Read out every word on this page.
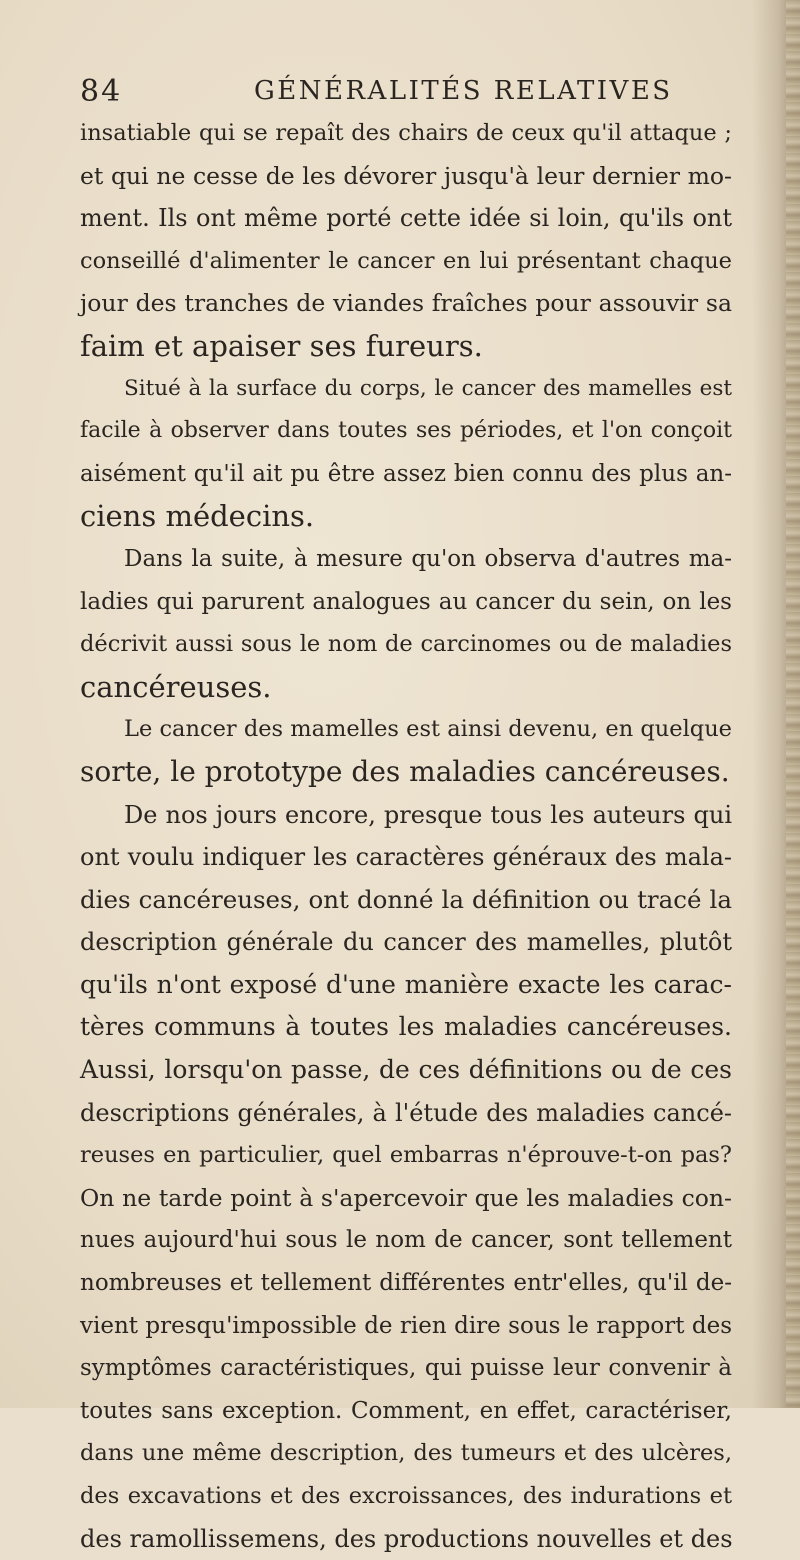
84	GÉNÉRALITÉS RELATIVES
insatiable qui se repaît des chairs de ceux qu'il attaque ;
et qui ne cesse de les dévorer jusqu'à leur dernier mo-
ment. Ils ont même porté cette idée si loin, qu'ils ont
conseillé d'alimenter le cancer en lui présentant chaque
jour des tranches de viandes fraîches pour assouvir sa
faim et apaiser ses fureurs.
Situé à la surface du corps, le cancer des mamelles est
facile à observer dans toutes ses périodes, et l'on conçoit
aisément qu'il ait pu être assez bien connu des plus an-
ciens médecins.
Dans la suite, à mesure qu'on observa d'autres ma-
ladies qui parurent analogues au cancer du sein, on les
décrivit aussi sous le nom de carcinomes ou de maladies
cancéreuses.
Le cancer des mamelles est ainsi devenu, en quelque
sorte, le prototype des maladies cancéreuses.
De nos jours encore, presque tous les auteurs qui
ont voulu indiquer les caractères généraux des mala-
dies cancéreuses, ont donné la définition ou tracé la
description générale du cancer des mamelles, plutôt
qu'ils n'ont exposé d'une manière exacte les carac-
tères communs à toutes les maladies cancéreuses.
Aussi, lorsqu'on passe, de ces définitions ou de ces
descriptions générales, à l'étude des maladies cancé-
reuses en particulier, quel embarras n'éprouve-t-on pas?
On ne tarde point à s'apercevoir que les maladies con-
nues aujourd'hui sous le nom de cancer, sont tellement
nombreuses et tellement différentes entr'elles, qu'il de-
vient presqu'impossible de rien dire sous le rapport des
symptômes caractéristiques, qui puisse leur convenir à
toutes sans exception. Comment, en effet, caractériser,
dans une même description, des tumeurs et des ulcères,
des excavations et des excroissances, des indurations et
des ramollissemens, des productions nouvelles et des
